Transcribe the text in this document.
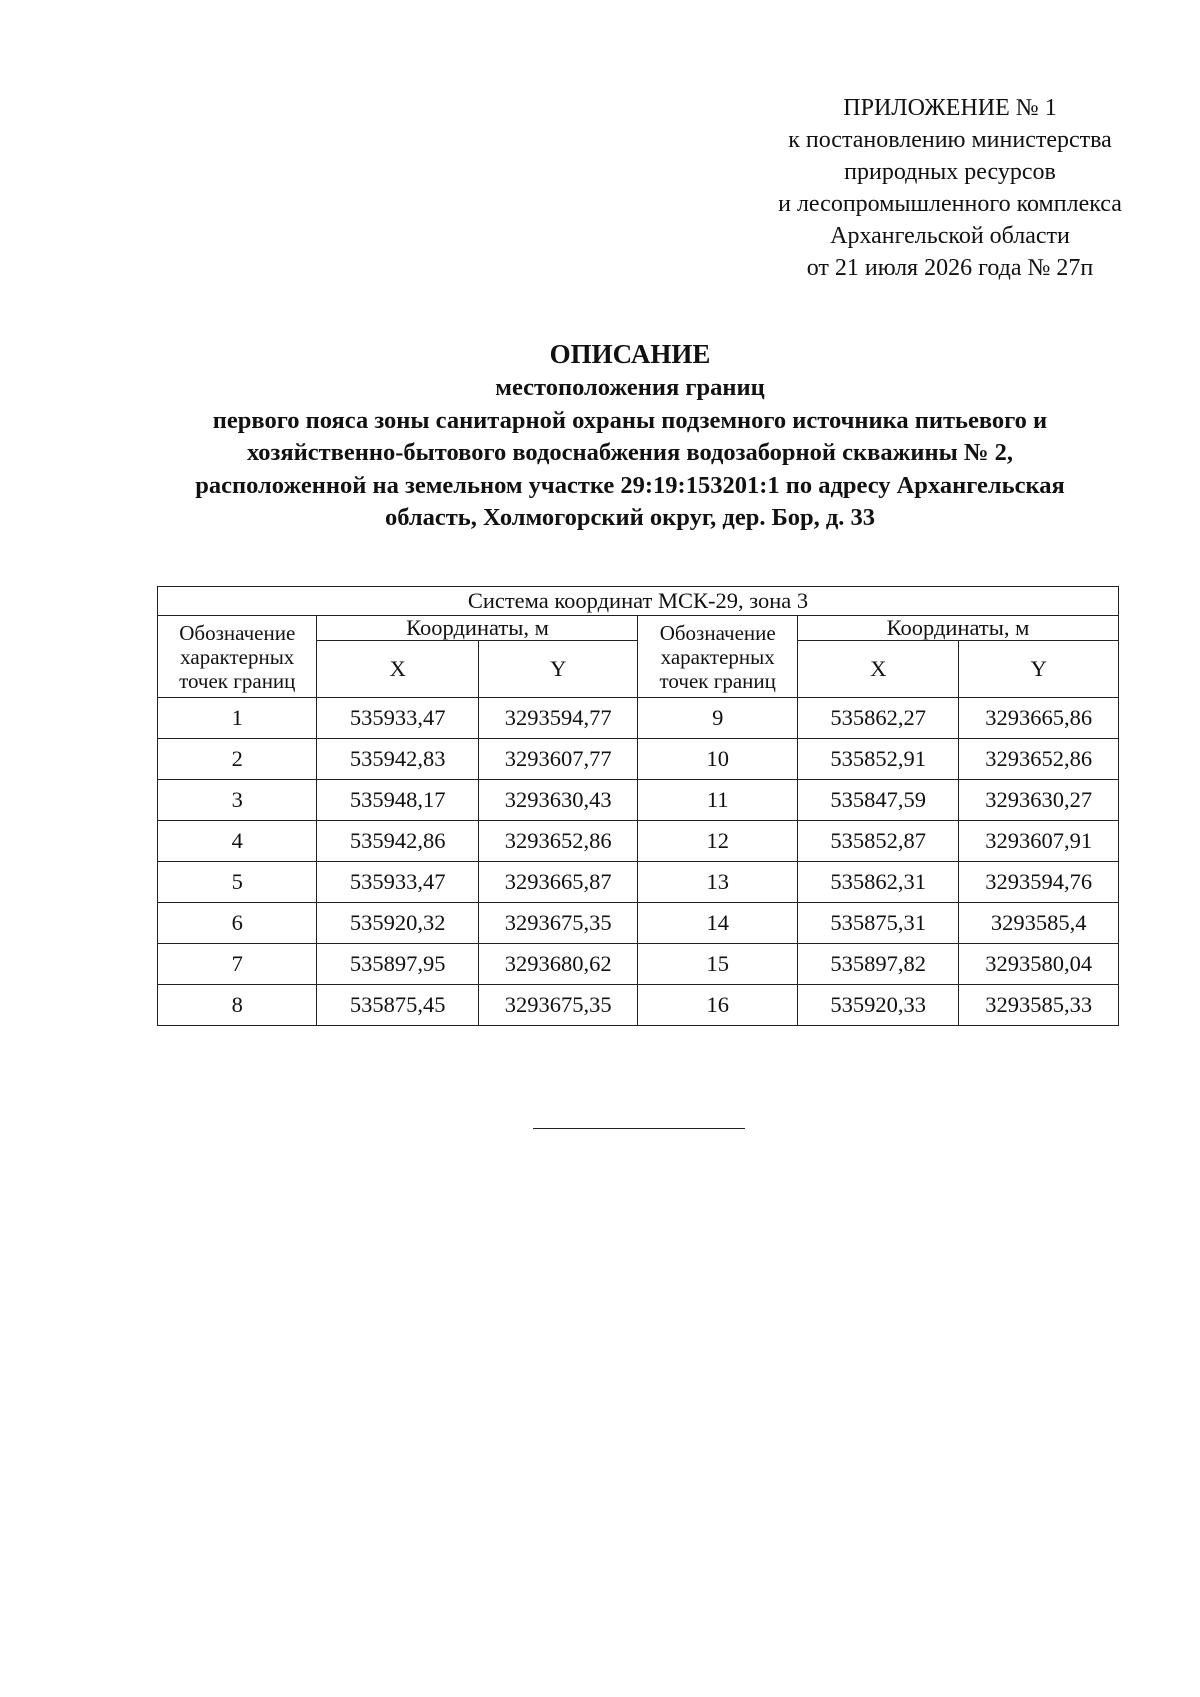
ПРИЛОЖЕНИЕ № 1
к постановлению министерства
природных ресурсов
и лесопромышленного комплекса
Архангельской области
от 21 июля 2026 года № 27п
ОПИСАНИЕ
местоположения границ
первого пояса зоны санитарной охраны подземного источника питьевого и
хозяйственно-бытового водоснабжения водозаборной скважины № 2,
расположенной на земельном участке 29:19:153201:1 по адресу Архангельская
область, Холмогорский округ, дер. Бор, д. 33
Система координат МСК-29, зона 3					
Обозначение характерных точек границ	Координаты, м		Обозначение характерных точек границ	Координаты, м	
	X	Y		X	Y
1	535933,47	3293594,77	9	535862,27	3293665,86
2	535942,83	3293607,77	10	535852,91	3293652,86
3	535948,17	3293630,43	11	535847,59	3293630,27
4	535942,86	3293652,86	12	535852,87	3293607,91
5	535933,47	3293665,87	13	535862,31	3293594,76
6	535920,32	3293675,35	14	535875,31	3293585,4
7	535897,95	3293680,62	15	535897,82	3293580,04
8	535875,45	3293675,35	16	535920,33	3293585,33
